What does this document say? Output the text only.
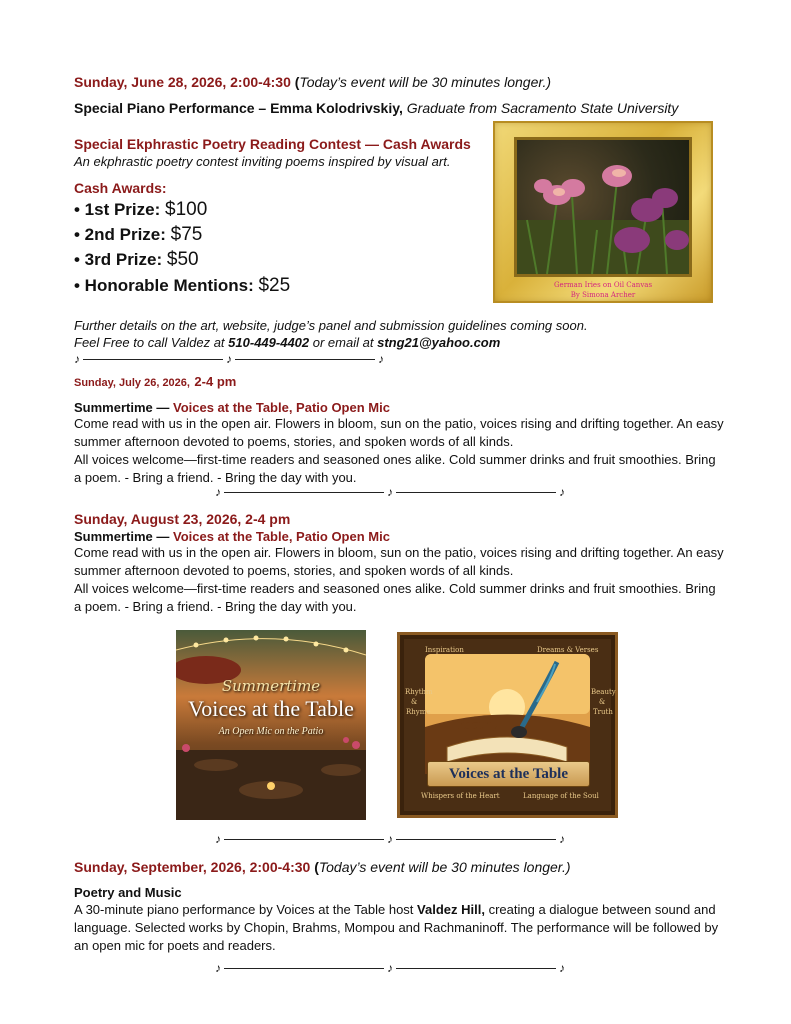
Sunday, June 28, 2026, 2:00-4:30 (Today’s event will be 30 minutes longer.)
Special Piano Performance – Emma Kolodrivskiy, Graduate from Sacramento State University
Special Ekphrastic Poetry Reading Contest — Cash Awards
An ekphrastic poetry contest inviting poems inspired by visual art.
Cash Awards:
• 1st Prize: $100
• 2nd Prize: $75
• 3rd Prize: $50
• Honorable Mentions: $25	German Iries on Oil Canvas
By Simona Archer
Further details on the art, website, judge’s panel and submission guidelines coming soon.
Feel Free to call Valdez at 510-449-4402 or email at stng21@yahoo.com
♪	♪	♪
Sunday, July 26, 2026, 2-4 pm
Summertime — Voices at the Table, Patio Open Mic
Come read with us in the open air. Flowers in bloom, sun on the patio, voices rising and drifting together. An easy summer afternoon devoted to poems, stories, and spoken words of all kinds.
All voices welcome—first-time readers and seasoned ones alike. Cold summer drinks and fruit smoothies. Bring a poem. - Bring a friend. - Bring the day with you.
♪	♪	♪
Sunday, August 23, 2026, 2-4 pm
Summertime — Voices at the Table, Patio Open Mic
Come read with us in the open air. Flowers in bloom, sun on the patio, voices rising and drifting together. An easy summer afternoon devoted to poems, stories, and spoken words of all kinds.
All voices welcome—first-time readers and seasoned ones alike. Cold summer drinks and fruit smoothies. Bring a poem. - Bring a friend. - Bring the day with you.
Summertime
Voices at the Table
An Open Mic on the Patio
Inspiration	Dreams & Verses
Rhythm
&
Rhyme
Beauty
&
Truth
Poetry
Voices at the Table
Whispers of the Heart	Language of the Soul
♪	♪	♪
Sunday, September, 2026, 2:00-4:30 (Today’s event will be 30 minutes longer.)
Poetry and Music
A 30-minute piano performance by Voices at the Table host Valdez Hill, creating a dialogue between sound and language. Selected works by Chopin, Brahms, Mompou and Rachmaninoff. The performance will be followed by an open mic for poets and readers.
♪	♪	♪
